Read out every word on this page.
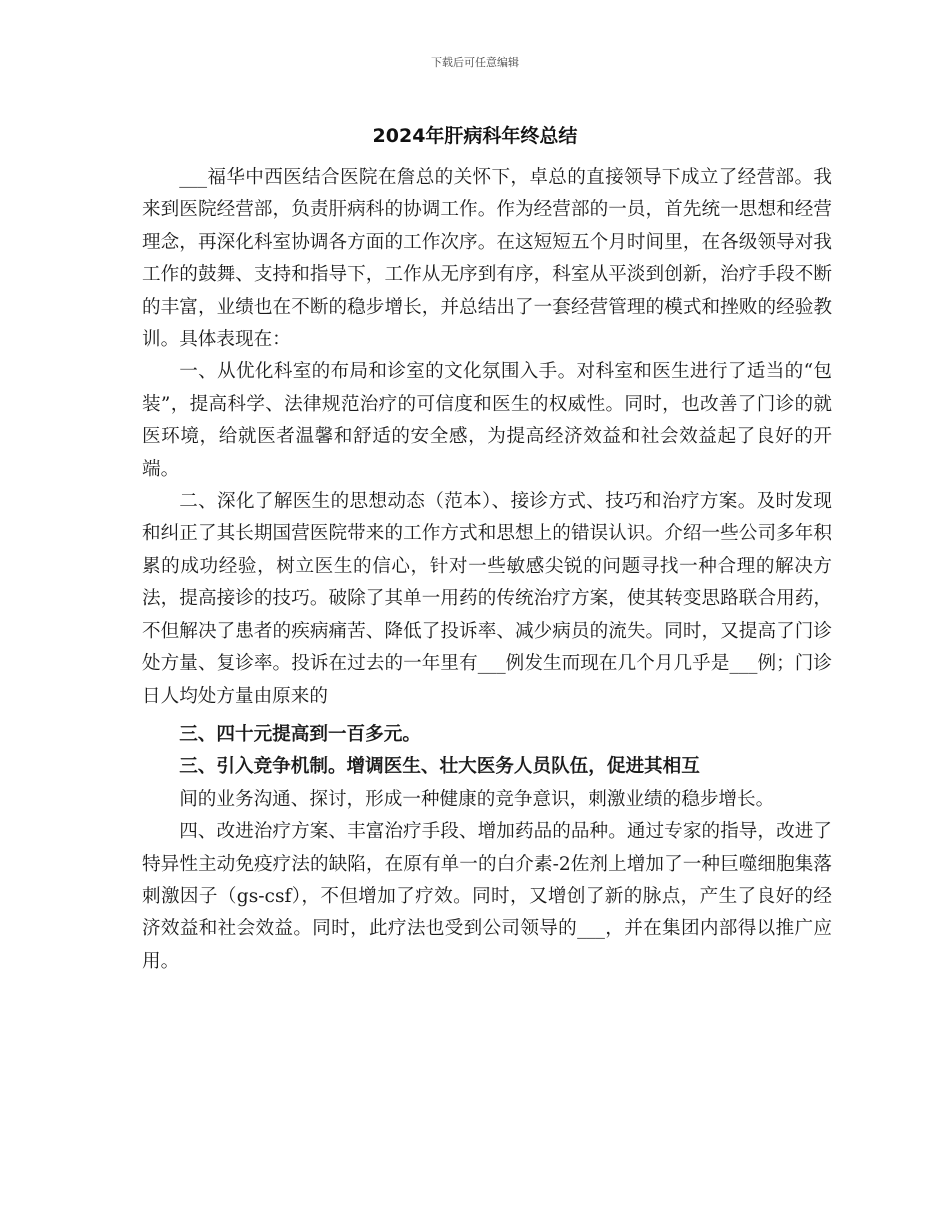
下载后可任意编辑
2024年肝病科年终总结

___福华中西医结合医院在詹总的关怀下，卓总的直接领导下成立了经营部。我来到医院经营部，负责肝病科的协调工作。作为经营部的一员，首先统一思想和经营理念，再深化科室协调各方面的工作次序。在这短短五个月时间里，在各级领导对我工作的鼓舞、支持和指导下，工作从无序到有序，科室从平淡到创新，治疗手段不断的丰富，业绩也在不断的稳步增长，并总结出了一套经营管理的模式和挫败的经验教训。具体表现在：

一、从优化科室的布局和诊室的文化氛围入手。对科室和医生进行了适当的“包装”，提高科学、法律规范治疗的可信度和医生的权威性。同时，也改善了门诊的就医环境，给就医者温馨和舒适的安全感，为提高经济效益和社会效益起了良好的开端。

二、深化了解医生的思想动态（范本）、接诊方式、技巧和治疗方案。及时发现和纠正了其长期国营医院带来的工作方式和思想上的错误认识。介绍一些公司多年积累的成功经验，树立医生的信心，针对一些敏感尖锐的问题寻找一种合理的解决方法，提高接诊的技巧。破除了其单一用药的传统治疗方案，使其转变思路联合用药，不但解决了患者的疾病痛苦、降低了投诉率、减少病员的流失。同时，又提高了门诊处方量、复诊率。投诉在过去的一年里有___例发生而现在几个月几乎是___例；门诊日人均处方量由原来的

三、四十元提高到一百多元。

三、引入竞争机制。增调医生、壮大医务人员队伍，促进其相互

间的业务沟通、探讨，形成一种健康的竞争意识，刺激业绩的稳步增长。

四、改进治疗方案、丰富治疗手段、增加药品的品种。通过专家的指导，改进了特异性主动免疫疗法的缺陷，在原有单一的白介素-2佐剂上增加了一种巨噬细胞集落刺激因子（gs-csf），不但增加了疗效。同时，又增创了新的脉点，产生了良好的经济效益和社会效益。同时，此疗法也受到公司领导的___，并在集团内部得以推广应用。
